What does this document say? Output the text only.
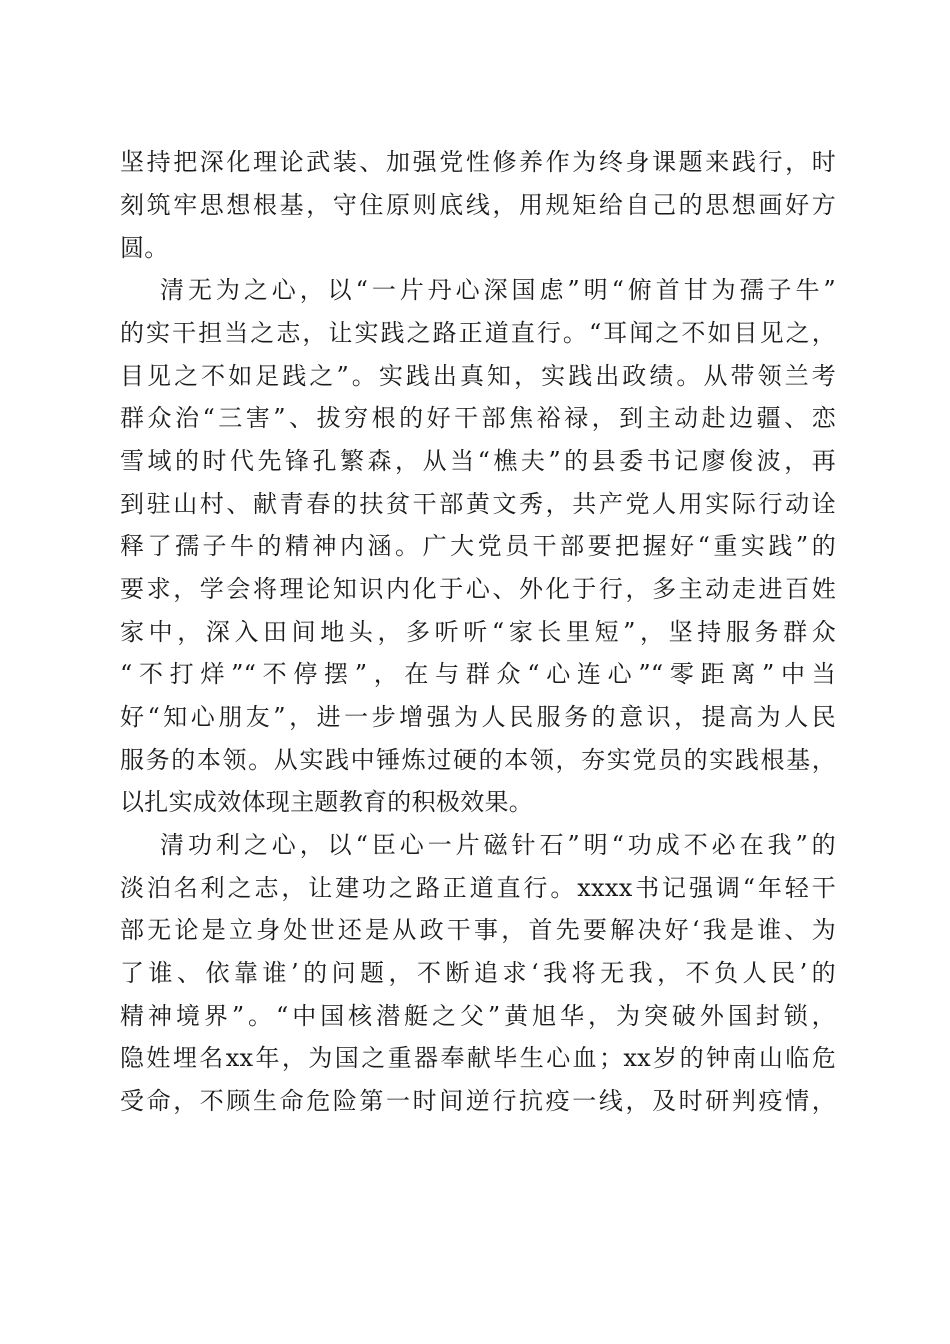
坚持把深化理论武装、加强党性修养作为终身课题来践行，时
刻筑牢思想根基，守住原则底线，用规矩给自己的思想画好方
圆。
清无为之心，以“一片丹心深国虑”明“俯首甘为孺子牛”
的实干担当之志，让实践之路正道直行。“耳闻之不如目见之，
目见之不如足践之”。实践出真知，实践出政绩。从带领兰考
群众治“三害”、拔穷根的好干部焦裕禄，到主动赴边疆、恋
雪域的时代先锋孔繁森，从当“樵夫”的县委书记廖俊波，再
到驻山村、献青春的扶贫干部黄文秀，共产党人用实际行动诠
释了孺子牛的精神内涵。广大党员干部要把握好“重实践”的
要求，学会将理论知识内化于心、外化于行，多主动走进百姓
家中，深入田间地头，多听听“家长里短”，坚持服务群众
“不打烊”“不停摆”，在与群众“心连心”“零距离”中当
好“知心朋友”，进一步增强为人民服务的意识，提高为人民
服务的本领。从实践中锤炼过硬的本领，夯实党员的实践根基，
以扎实成效体现主题教育的积极效果。
清功利之心，以“臣心一片磁针石”明“功成不必在我”的
淡泊名利之志，让建功之路正道直行。xxxx书记强调“年轻干
部无论是立身处世还是从政干事，首先要解决好‘我是谁、为
了谁、依靠谁’的问题，不断追求‘我将无我，不负人民’的
精神境界”。“中国核潜艇之父”黄旭华，为突破外国封锁，
隐姓埋名xx年，为国之重器奉献毕生心血；xx岁的钟南山临危
受命，不顾生命危险第一时间逆行抗疫一线，及时研判疫情，
